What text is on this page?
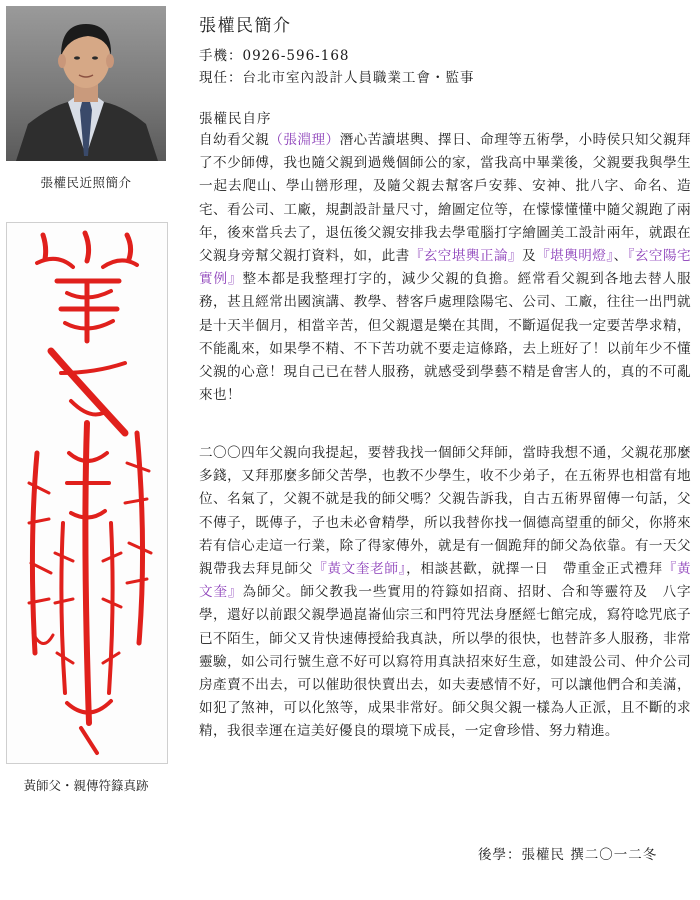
張權民近照簡介
黃師父・親傳符籙真跡
張權民簡介
手機：0926-596-168
現任：台北市室內設計人員職業工會・監事
張權民自序
自幼看父親（張淵理）潛心苦讀堪輿、擇日、命理等五術學，小時侯只知父親拜了不少師傅，我也隨父親到過幾個師公的家，當我高中畢業後，父親要我與學生一起去爬山、學山巒形理，及隨父親去幫客戶安葬、安神、批八字、命名、造宅、看公司、工廠，規劃設計量尺寸，繪圖定位等，在懞懞懂懂中隨父親跑了兩年，後來當兵去了，退伍後父親安排我去學電腦打字繪圖美工設計兩年，就跟在父親身旁幫父親打資料，如，此書『玄空堪輿正論』及『堪輿明燈』、『玄空陽宅實例』整本都是我整理打字的，減少父親的負擔。經常看父親到各地去替人服務，甚且經常出國演講、教學、替客戶處理陰陽宅、公司、工廠，往往一出門就是十天半個月，相當辛苦，但父親還是樂在其間，不斷逼促我一定要苦學求精，不能亂來，如果學不精、不下苦功就不要走這條路，去上班好了！以前年少不懂父親的心意！現自己已在替人服務，就感受到學藝不精是會害人的，真的不可亂來也！
二〇〇四年父親向我提起，要替我找一個師父拜師，當時我想不通，父親花那麼多錢，又拜那麼多師父苦學，也教不少學生，收不少弟子，在五術界也相當有地位、名氣了，父親不就是我的師父嗎？父親告訴我，自古五術界留傳一句話，父不傳子，既傳子，子也未必會精學，所以我替你找一個德高望重的師父，你將來若有信心走這一行業，除了得家傳外，就是有一個跪拜的師父為依靠。有一天父親帶我去拜見師父『黃文奎老師』，相談甚歡，就擇一日　帶重金正式禮拜『黃文奎』為師父。師父教我一些實用的符籙如招商、招財、合和等靈符及　八字學，還好以前跟父親學過崑崙仙宗三和門符咒法身歷經七館完成，寫符唸咒底子已不陌生，師父又肯快速傳授給我真訣，所以學的很快，也替許多人服務，非常靈驗，如公司行號生意不好可以寫符用真訣招來好生意，如建設公司、仲介公司房產賣不出去，可以催助很快賣出去，如夫妻感情不好，可以讓他們合和美滿，如犯了煞神，可以化煞等，成果非常好。師父與父親一樣為人正派，且不斷的求精，我很幸運在這美好優良的環境下成長，一定會珍惜、努力精進。
後學：張權民 撰二〇一二冬
